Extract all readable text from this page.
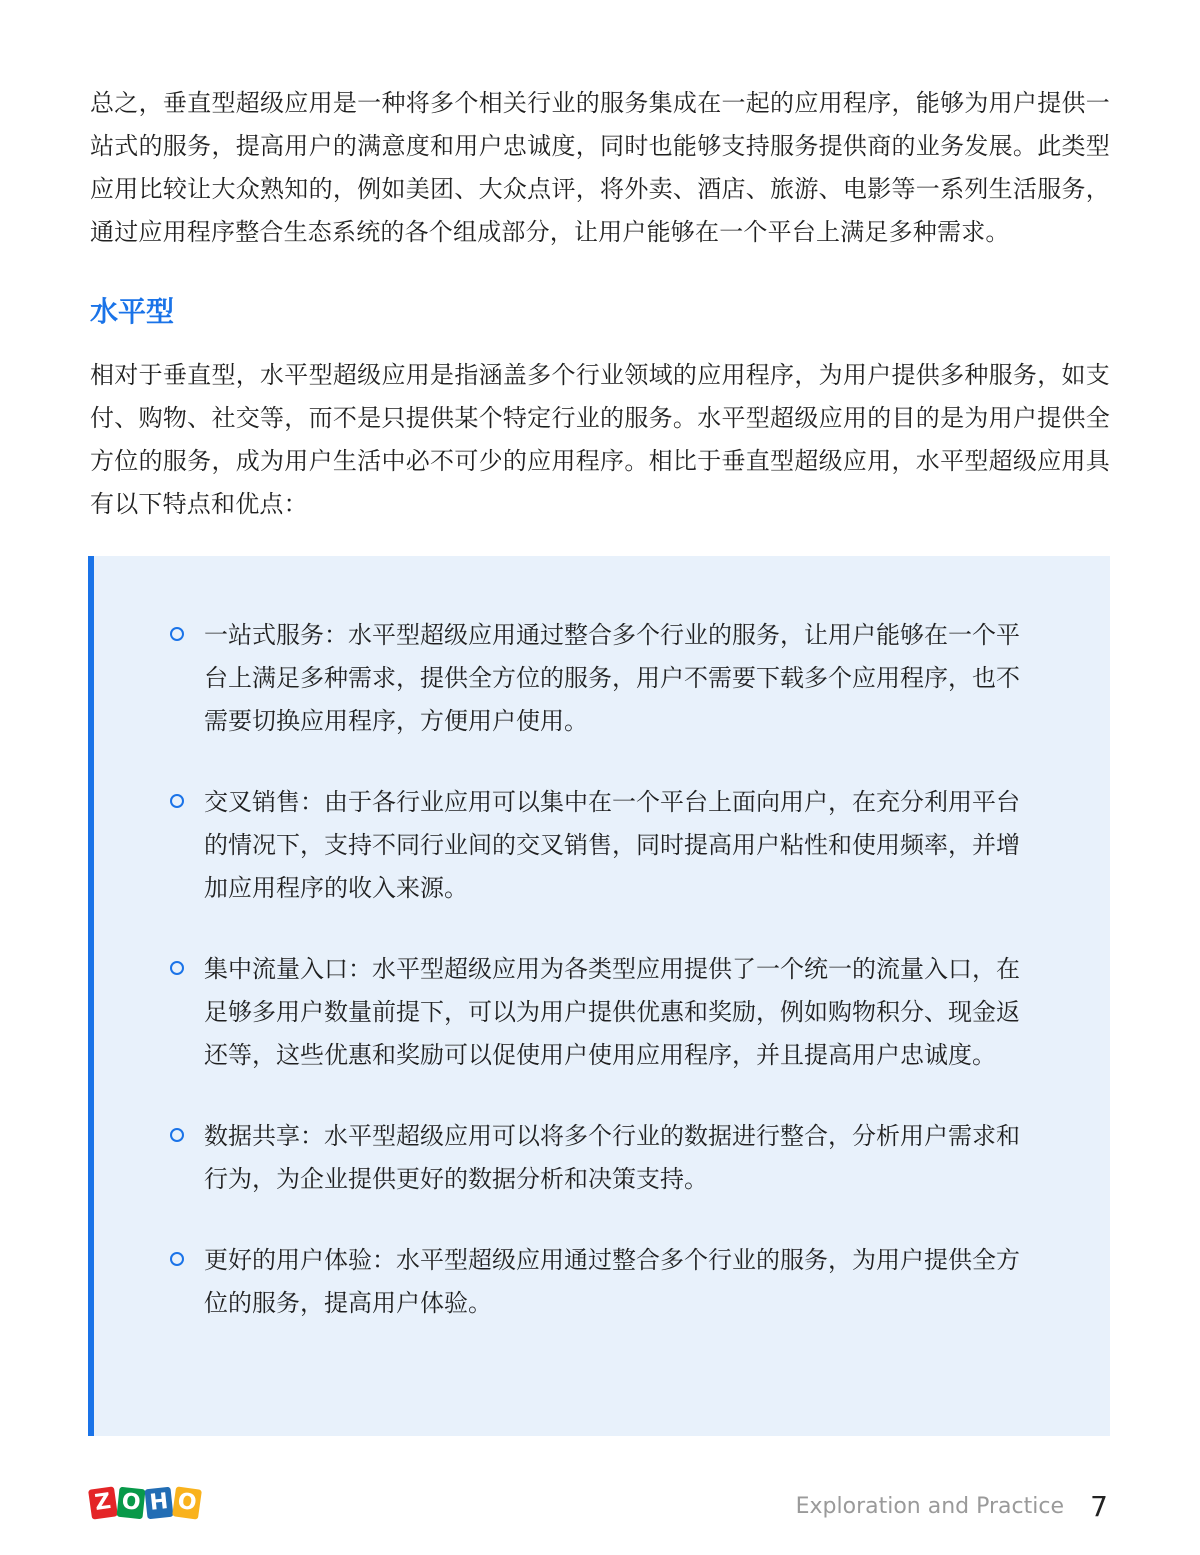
总之，垂直型超级应用是一种将多个相关行业的服务集成在一起的应用程序，能够为用户提供一站式的服务，提高用户的满意度和用户忠诚度，同时也能够支持服务提供商的业务发展。此类型应用比较让大众熟知的，例如美团、大众点评，将外卖、酒店、旅游、电影等一系列生活服务，通过应用程序整合生态系统的各个组成部分，让用户能够在一个平台上满足多种需求。

水平型

相对于垂直型，水平型超级应用是指涵盖多个行业领域的应用程序，为用户提供多种服务，如支付、购物、社交等，而不是只提供某个特定行业的服务。水平型超级应用的目的是为用户提供全方位的服务，成为用户生活中必不可少的应用程序。相比于垂直型超级应用，水平型超级应用具有以下特点和优点：

一站式服务：水平型超级应用通过整合多个行业的服务，让用户能够在一个平台上满足多种需求，提供全方位的服务，用户不需要下载多个应用程序，也不需要切换应用程序，方便用户使用。
交叉销售：由于各行业应用可以集中在一个平台上面向用户，在充分利用平台的情况下，支持不同行业间的交叉销售，同时提高用户粘性和使用频率，并增加应用程序的收入来源。
集中流量入口：水平型超级应用为各类型应用提供了一个统一的流量入口，在足够多用户数量前提下，可以为用户提供优惠和奖励，例如购物积分、现金返还等，这些优惠和奖励可以促使用户使用应用程序，并且提高用户忠诚度。
数据共享：水平型超级应用可以将多个行业的数据进行整合，分析用户需求和行为，为企业提供更好的数据分析和决策支持。
更好的用户体验：水平型超级应用通过整合多个行业的服务，为用户提供全方位的服务，提高用户体验。
Z O H O	Exploration and Practice 7
